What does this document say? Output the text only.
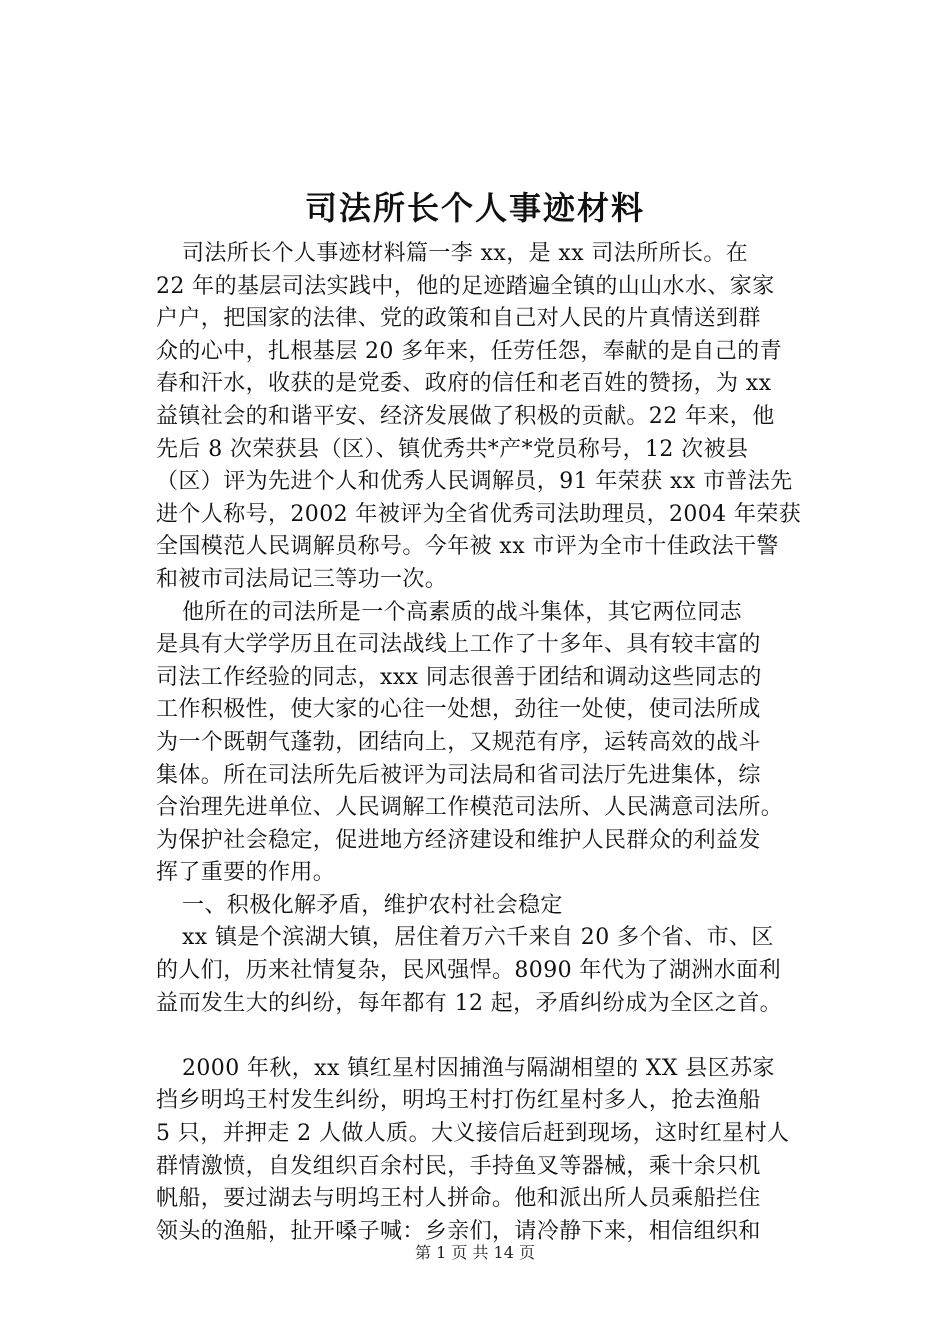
司法所长个人事迹材料
司法所长个人事迹材料篇一李 xx，是 xx 司法所所长。在
22 年的基层司法实践中，他的足迹踏遍全镇的山山水水、家家
户户，把国家的法律、党的政策和自己对人民的片真情送到群
众的心中，扎根基层 20 多年来，任劳任怨，奉献的是自己的青
春和汗水，收获的是党委、政府的信任和老百姓的赞扬，为 xx
益镇社会的和谐平安、经济发展做了积极的贡献。22 年来，他
先后 8 次荣获县（区）、镇优秀共*产*党员称号，12 次被县
（区）评为先进个人和优秀人民调解员，91 年荣获 xx 市普法先
进个人称号，2002 年被评为全省优秀司法助理员，2004 年荣获
全国模范人民调解员称号。今年被 xx 市评为全市十佳政法干警
和被市司法局记三等功一次。
他所在的司法所是一个高素质的战斗集体，其它两位同志
是具有大学学历且在司法战线上工作了十多年、具有较丰富的
司法工作经验的同志，xxx 同志很善于团结和调动这些同志的
工作积极性，使大家的心往一处想，劲往一处使，使司法所成
为一个既朝气蓬勃，团结向上，又规范有序，运转高效的战斗
集体。所在司法所先后被评为司法局和省司法厅先进集体，综
合治理先进单位、人民调解工作模范司法所、人民满意司法所。
为保护社会稳定，促进地方经济建设和维护人民群众的利益发
挥了重要的作用。
一、积极化解矛盾，维护农村社会稳定
xx 镇是个滨湖大镇，居住着万六千来自 20 多个省、市、区
的人们，历来社情复杂，民风强悍。8090 年代为了湖洲水面利
益而发生大的纠纷，每年都有 12 起，矛盾纠纷成为全区之首。
2000 年秋，xx 镇红星村因捕渔与隔湖相望的 XX 县区苏家
挡乡明坞王村发生纠纷，明坞王村打伤红星村多人，抢去渔船
5 只，并押走 2 人做人质。大义接信后赶到现场，这时红星村人
群情激愤，自发组织百余村民，手持鱼叉等器械，乘十余只机
帆船，要过湖去与明坞王村人拼命。他和派出所人员乘船拦住
领头的渔船，扯开嗓子喊：乡亲们，请冷静下来，相信组织和
第 1 页 共 14 页
